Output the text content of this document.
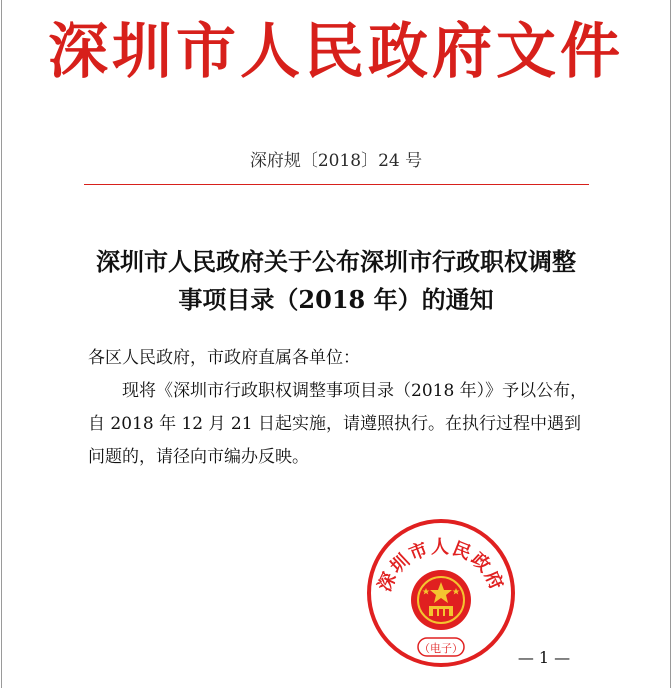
深圳市人民政府文件
深府规〔2018〕24 号
深圳市人民政府关于公布深圳市行政职权调整
事项目录（2018 年）的通知
各区人民政府，市政府直属各单位：
现将《深圳市行政职权调整事项目录（2018 年）》予以公布，
自 2018 年 12 月 21 日起实施，请遵照执行。在执行过程中遇到
问题的，请径向市编办反映。
深圳市人民政府
（电子）	— 1 —
